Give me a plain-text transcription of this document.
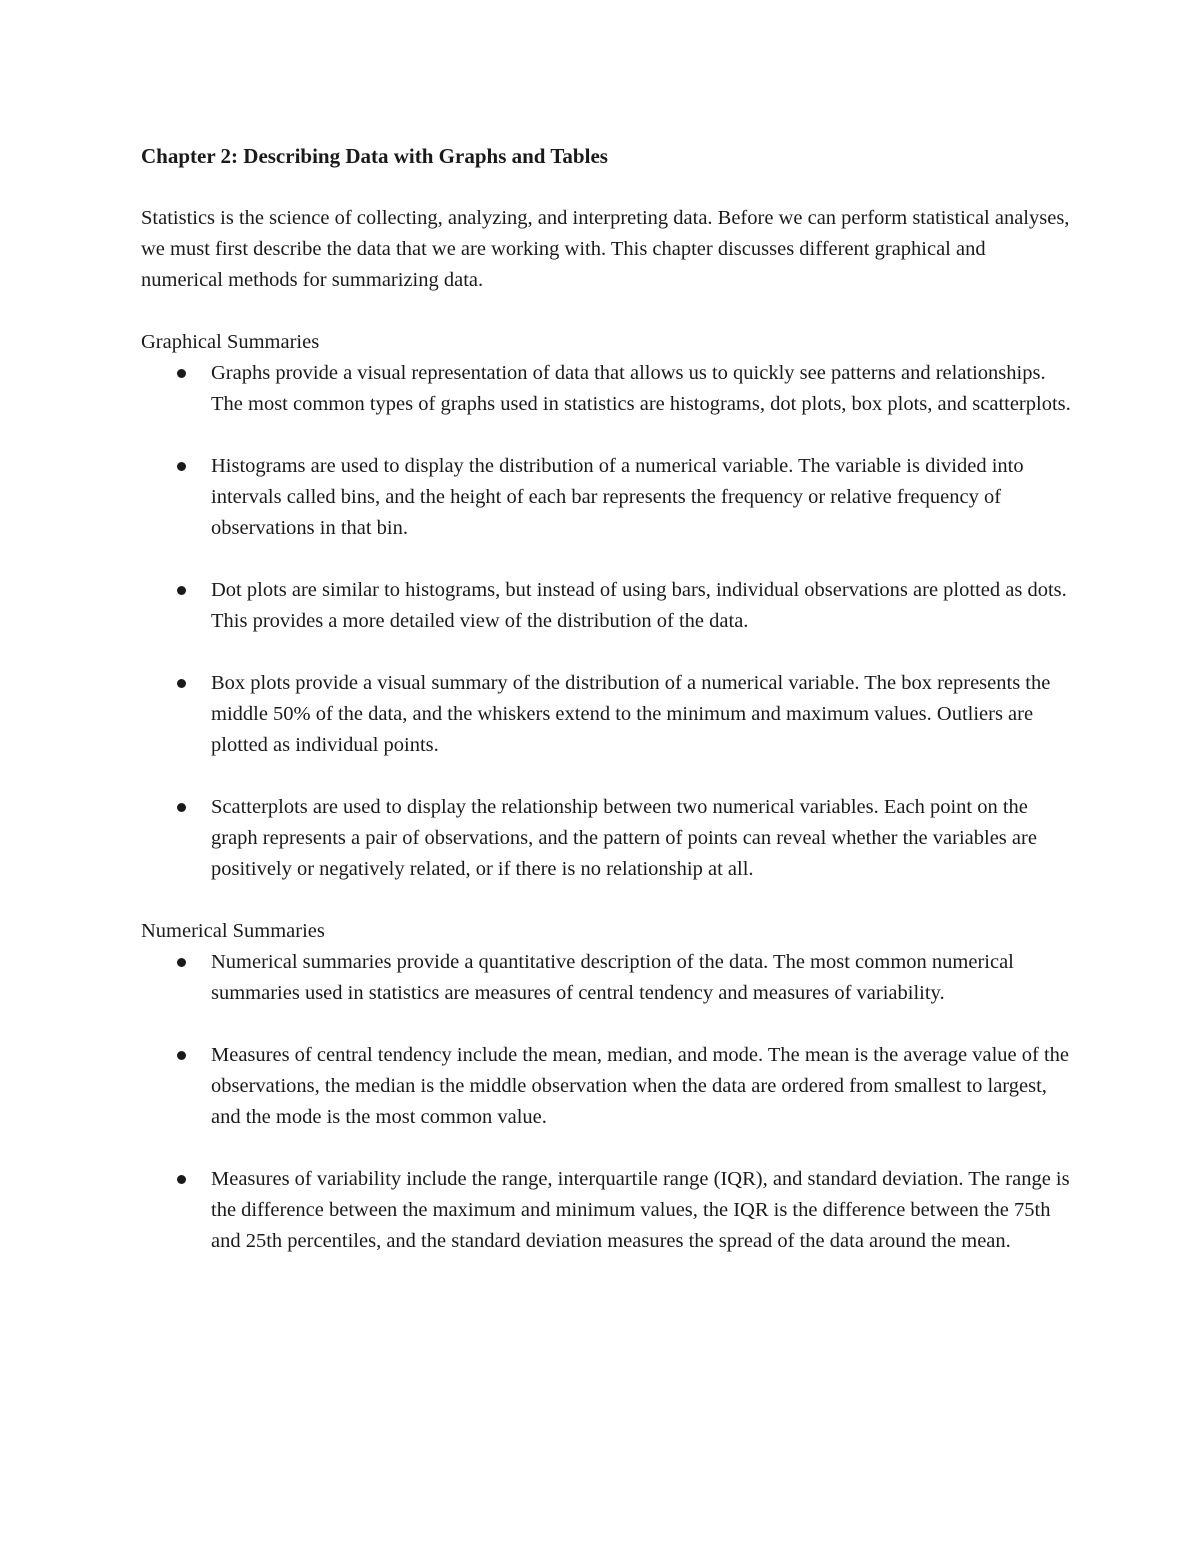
Chapter 2: Describing Data with Graphs and Tables
Statistics is the science of collecting, analyzing, and interpreting data. Before we can perform statistical analyses, we must first describe the data that we are working with. This chapter discusses different graphical and numerical methods for summarizing data.
Graphical Summaries
Graphs provide a visual representation of data that allows us to quickly see patterns and relationships. The most common types of graphs used in statistics are histograms, dot plots, box plots, and scatterplots.
Histograms are used to display the distribution of a numerical variable. The variable is divided into intervals called bins, and the height of each bar represents the frequency or relative frequency of observations in that bin.
Dot plots are similar to histograms, but instead of using bars, individual observations are plotted as dots. This provides a more detailed view of the distribution of the data.
Box plots provide a visual summary of the distribution of a numerical variable. The box represents the middle 50% of the data, and the whiskers extend to the minimum and maximum values. Outliers are plotted as individual points.
Scatterplots are used to display the relationship between two numerical variables. Each point on the graph represents a pair of observations, and the pattern of points can reveal whether the variables are positively or negatively related, or if there is no relationship at all.
Numerical Summaries
Numerical summaries provide a quantitative description of the data. The most common numerical summaries used in statistics are measures of central tendency and measures of variability.
Measures of central tendency include the mean, median, and mode. The mean is the average value of the observations, the median is the middle observation when the data are ordered from smallest to largest, and the mode is the most common value.
Measures of variability include the range, interquartile range (IQR), and standard deviation. The range is the difference between the maximum and minimum values, the IQR is the difference between the 75th and 25th percentiles, and the standard deviation measures the spread of the data around the mean.
